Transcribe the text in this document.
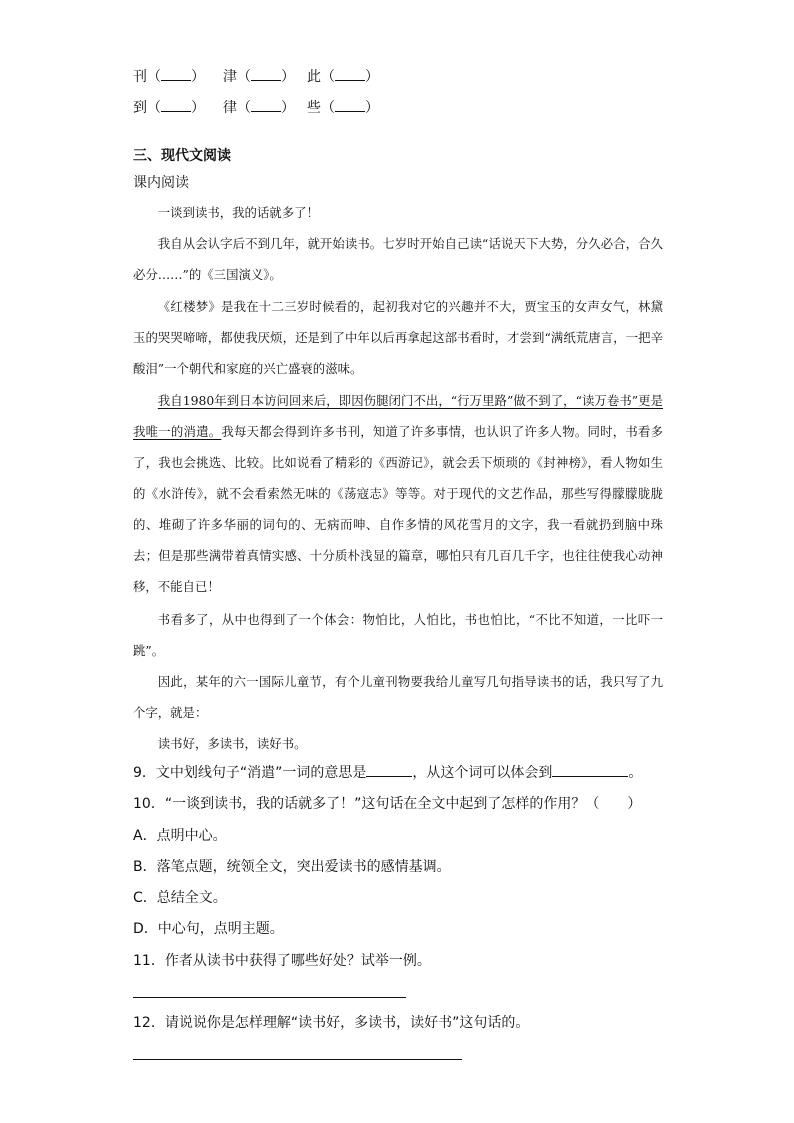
刊（ ） 津（ ） 此（ ）
到（ ） 律（ ） 些（ ）
三、现代文阅读
课内阅读

一谈到读书，我的话就多了！

我自从会认字后不到几年，就开始读书。七岁时开始自己读“话说天下大势，分久必合，合久必分……”的《三国演义》。

《红楼梦》是我在十二三岁时候看的，起初我对它的兴趣并不大，贾宝玉的女声女气，林黛玉的哭哭啼啼，都使我厌烦，还是到了中年以后再拿起这部书看时，才尝到“满纸荒唐言，一把辛酸泪”一个朝代和家庭的兴亡盛衰的滋味。

我自1980年到日本访问回来后，即因伤腿闭门不出，“行万里路”做不到了，“读万卷书”更是我唯一的消遣。我每天都会得到许多书刊，知道了许多事情，也认识了许多人物。同时，书看多了，我也会挑选、比较。比如说看了精彩的《西游记》，就会丢下烦琐的《封神榜》，看人物如生的《水浒传》，就不会看索然无味的《荡寇志》等等。对于现代的文艺作品，那些写得朦朦胧胧的、堆砌了许多华丽的词句的、无病而呻、自作多情的风花雪月的文字，我一看就扔到脑中珠去；但是那些满带着真情实感、十分质朴浅显的篇章，哪怕只有几百几千字，也往往使我心动神移，不能自已！

书看多了，从中也得到了一个体会：物怕比，人怕比，书也怕比，“不比不知道，一比吓一跳”。

因此，某年的六一国际儿童节，有个儿童刊物要我给儿童写几句指导读书的话，我只写了九个字，就是：

读书好，多读书，读好书。

9．文中划线句子“消遣”一词的意思是	，从这个词可以体会到	。
10．“一谈到读书，我的话就多了！”这句话在全文中起到了怎样的作用？（　　）
A．点明中心。
B．落笔点题，统领全文，突出爱读书的感情基调。
C．总结全文。
D．中心句，点明主题。
11．作者从读书中获得了哪些好处？试举一例。
12．请说说你是怎样理解“读书好，多读书，读好书”这句话的。
